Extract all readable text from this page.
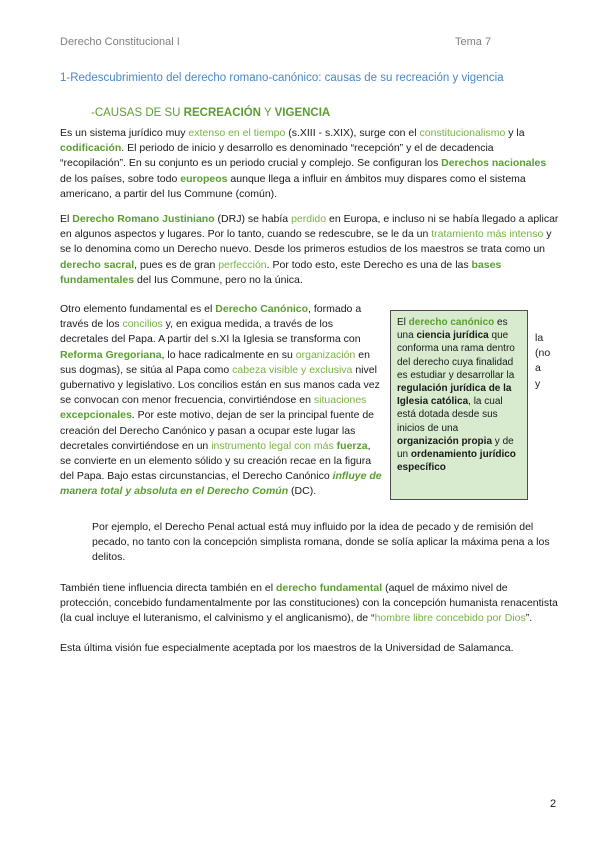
Derecho Constitucional I	Tema 7
1-Redescubrimiento del derecho romano-canónico: causas de su recreación y vigencia
-CAUSAS DE SU RECREACIÓN Y VIGENCIA

Es un sistema jurídico muy extenso en el tiempo (s.XIII - s.XIX), surge con el constitucionalismo y la codificación. El periodo de inicio y desarrollo es denominado “recepción” y el de decadencia “recopilación”. En su conjunto es un periodo crucial y complejo. Se configuran los Derechos nacionales de los países, sobre todo europeos aunque llega a influir en ámbitos muy dispares como el sistema americano, a partir del Ius Commune (común).

El Derecho Romano Justiniano (DRJ) se había perdido en Europa, e incluso ni se había llegado a aplicar en algunos aspectos y lugares. Por lo tanto, cuando se redescubre, se le da un tratamiento más intenso y se lo denomina como un Derecho nuevo. Desde los primeros estudios de los maestros se trata como un derecho sacral, pues es de gran perfección. Por todo esto, este Derecho es una de las bases fundamentales del Ius Commune, pero no la única.

Otro elemento fundamental es el Derecho Canónico, formado a través de los concilios y, en exigua medida, a través de los decretales del Papa. A partir del s.XI la Iglesia se transforma con Reforma Gregoriana, lo hace radicalmente en su organización en sus dogmas), se sitúa al Papa como cabeza visible y exclusiva nivel gubernativo y legislativo. Los concilios están en sus manos cada vez se convocan con menor frecuencia, convirtiéndose en situaciones excepcionales. Por este motivo, dejan de ser la principal fuente de creación del Derecho Canónico y pasan a ocupar este lugar las decretales convirtiéndose en un instrumento legal con más fuerza, se convierte en un elemento sólido y su creación recae en la figura del Papa. Bajo estas circunstancias, el Derecho Canónico influye de manera total y absoluta en el Derecho Común (DC).

El derecho canónico es una ciencia jurídica que conforma una rama dentro del derecho cuya finalidad es estudiar y desarrollar la regulación jurídica de la Iglesia católica, la cual está dotada desde sus inicios de una organización propia y de un ordenamiento jurídico específico
la
(no
a
y

Por ejemplo, el Derecho Penal actual está muy influido por la idea de pecado y de remisión del pecado, no tanto con la concepción simplista romana, donde se solía aplicar la máxima pena a los delitos.

También tiene influencia directa también en el derecho fundamental (aquel de máximo nivel de protección, concebido fundamentalmente por las constituciones) con la concepción humanista renacentista (la cual incluye el luteranismo, el calvinismo y el anglicanismo), de “hombre libre concebido por Dios”.

Esta última visión fue especialmente aceptada por los maestros de la Universidad de Salamanca.

2
